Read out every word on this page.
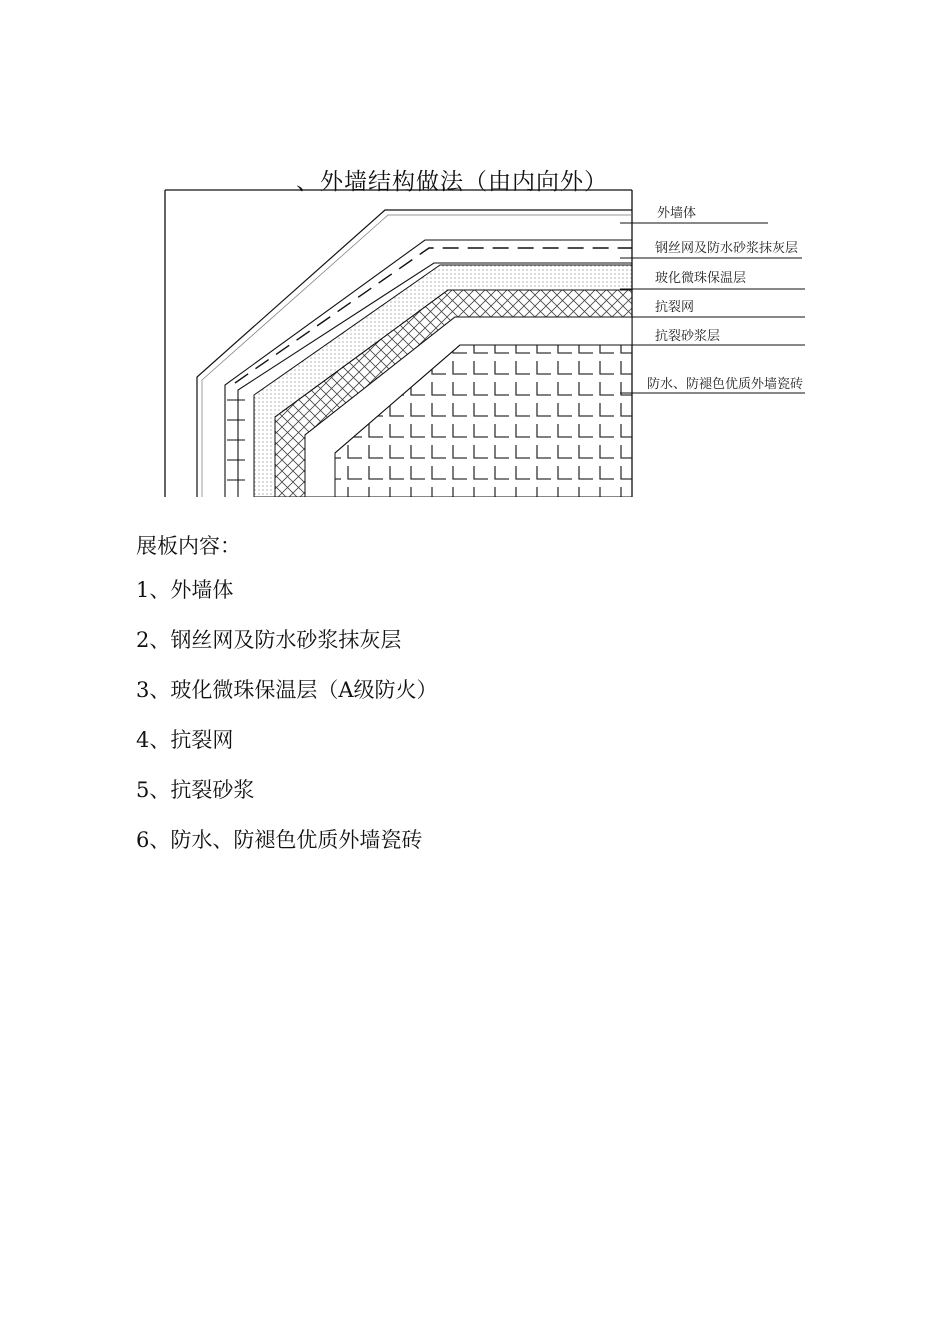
、外墙结构做法（由内向外）
外墙体
钢丝网及防水砂浆抹灰层
玻化微珠保温层
抗裂网
抗裂砂浆层
防水、防褪色优质外墙瓷砖
展板内容：
1、外墙体
2、钢丝网及防水砂浆抹灰层
3、玻化微珠保温层（A级防火）
4、抗裂网
5、抗裂砂浆
6、防水、防褪色优质外墙瓷砖
